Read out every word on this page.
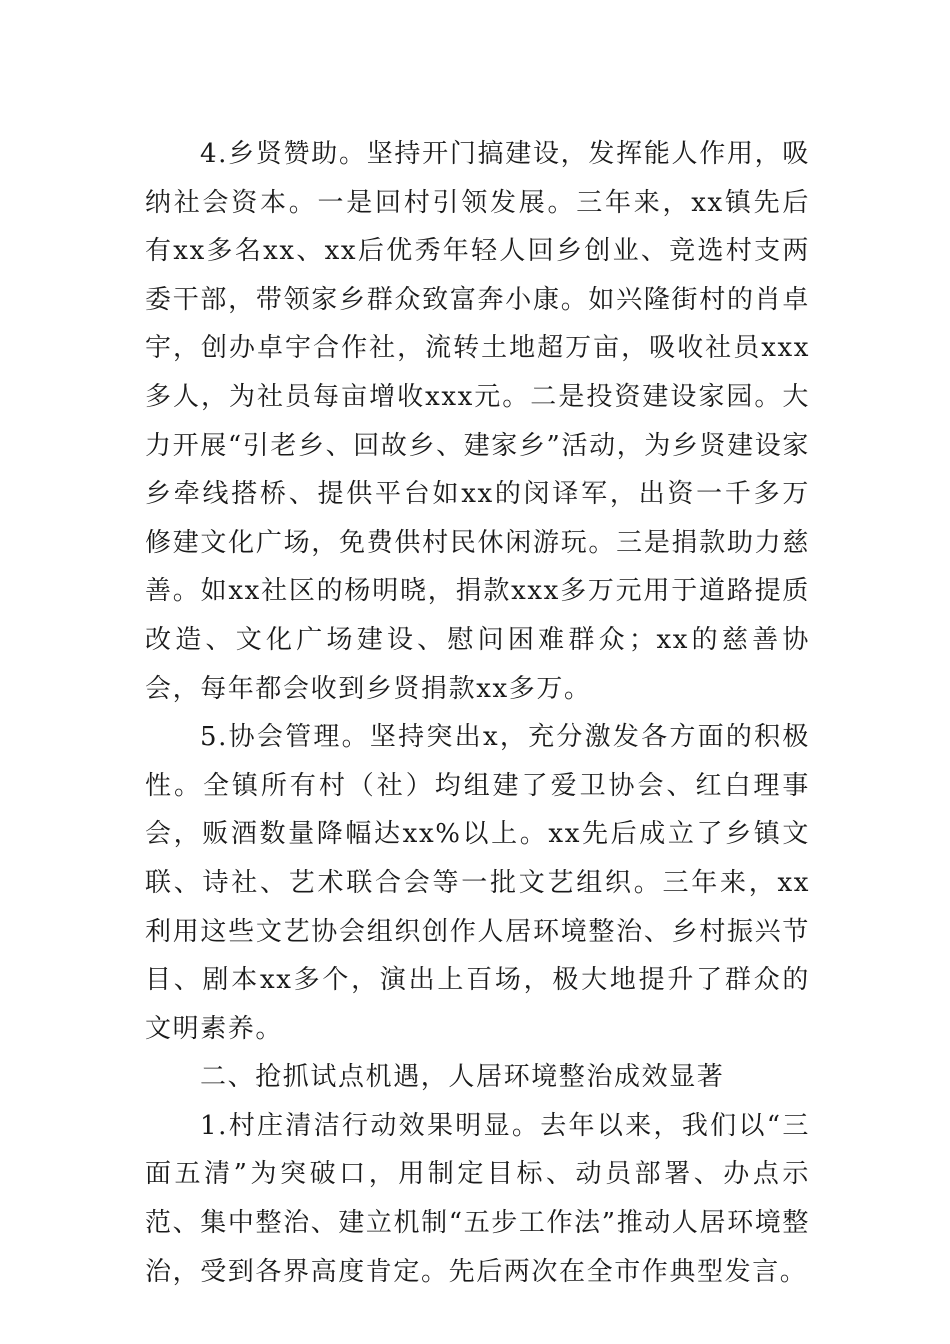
4.乡贤赞助。坚持开门搞建设，发挥能人作用，吸纳社会资本。一是回村引领发展。三年来，xx镇先后有xx多名xx、xx后优秀年轻人回乡创业、竞选村支两委干部，带领家乡群众致富奔小康。如兴隆街村的肖卓宇，创办卓宇合作社，流转土地超万亩，吸收社员xxx多人，为社员每亩增收xxx元。二是投资建设家园。大力开展“引老乡、回故乡、建家乡”活动，为乡贤建设家乡牵线搭桥、提供平台如xx的闵译军，出资一千多万修建文化广场，免费供村民休闲游玩。三是捐款助力慈善。如xx社区的杨明晓，捐款xxx多万元用于道路提质改造、文化广场建设、慰问困难群众；xx的慈善协会，每年都会收到乡贤捐款xx多万。

5.协会管理。坚持突出x，充分激发各方面的积极性。全镇所有村（社）均组建了爱卫协会、红白理事会，贩酒数量降幅达xx%以上。xx先后成立了乡镇文联、诗社、艺术联合会等一批文艺组织。三年来，xx利用这些文艺协会组织创作人居环境整治、乡村振兴节目、剧本xx多个，演出上百场，极大地提升了群众的文明素养。

二、抢抓试点机遇，人居环境整治成效显著

1.村庄清洁行动效果明显。去年以来，我们以“三面五清”为突破口，用制定目标、动员部署、办点示范、集中整治、建立机制“五步工作法”推动人居环境整治，受到各界高度肯定。先后两次在全市作典型发言。
